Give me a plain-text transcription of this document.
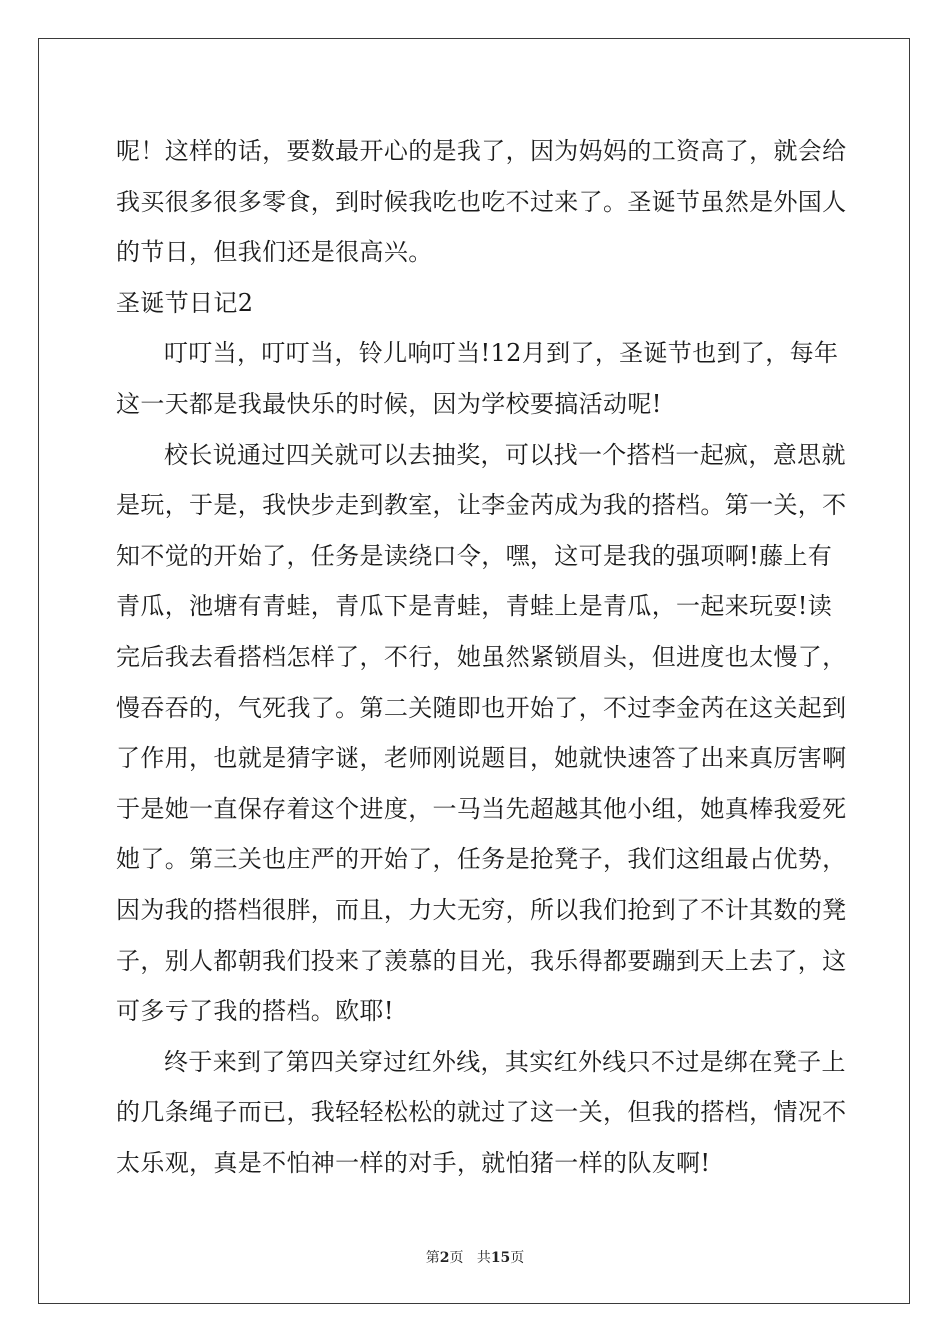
呢！这样的话，要数最开心的是我了，因为妈妈的工资高了，就会给
我买很多很多零食，到时候我吃也吃不过来了。圣诞节虽然是外国人
的节日，但我们还是很高兴。
圣诞节日记2
叮叮当，叮叮当，铃儿响叮当!12月到了，圣诞节也到了，每年
这一天都是我最快乐的时候，因为学校要搞活动呢!
校长说通过四关就可以去抽奖，可以找一个搭档一起疯，意思就
是玩，于是，我快步走到教室，让李金芮成为我的搭档。第一关，不
知不觉的开始了，任务是读绕口令，嘿，这可是我的强项啊!藤上有
青瓜，池塘有青蛙，青瓜下是青蛙，青蛙上是青瓜，一起来玩耍!读
完后我去看搭档怎样了，不行，她虽然紧锁眉头，但进度也太慢了，
慢吞吞的，气死我了。第二关随即也开始了，不过李金芮在这关起到
了作用，也就是猜字谜，老师刚说题目，她就快速答了出来真厉害啊
于是她一直保存着这个进度，一马当先超越其他小组，她真棒我爱死
她了。第三关也庄严的开始了，任务是抢凳子，我们这组最占优势，
因为我的搭档很胖，而且，力大无穷，所以我们抢到了不计其数的凳
子，别人都朝我们投来了羡慕的目光，我乐得都要蹦到天上去了，这
可多亏了我的搭档。欧耶!
终于来到了第四关穿过红外线，其实红外线只不过是绑在凳子上
的几条绳子而已，我轻轻松松的就过了这一关，但我的搭档，情况不
太乐观，真是不怕神一样的对手，就怕猪一样的队友啊!
第2页 共15页
